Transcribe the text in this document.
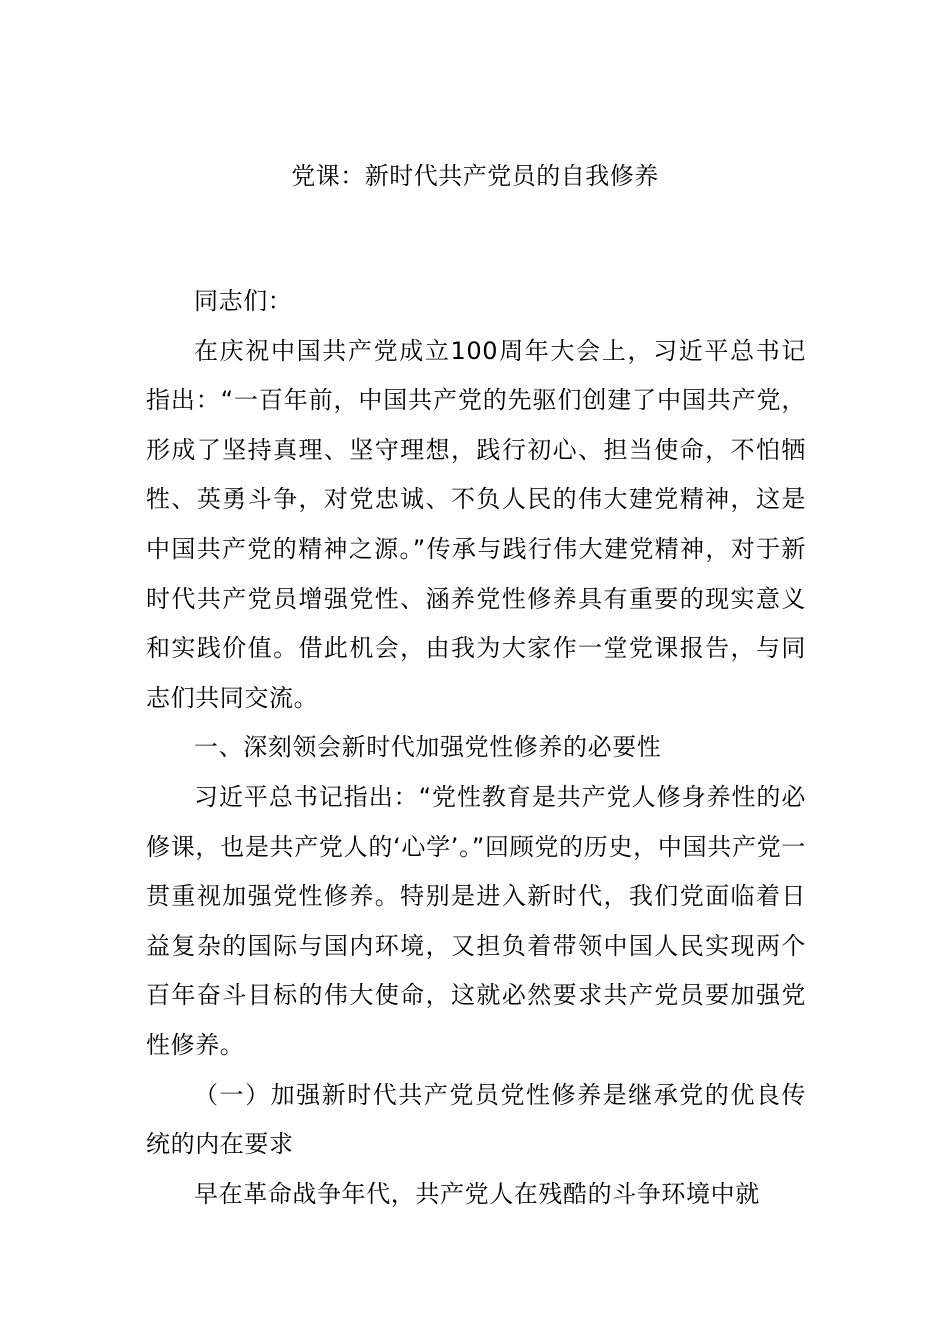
党课：新时代共产党员的自我修养

同志们：

在庆祝中国共产党成立100周年大会上，习近平总书记指出：“一百年前，中国共产党的先驱们创建了中国共产党，形成了坚持真理、坚守理想，践行初心、担当使命，不怕牺牲、英勇斗争，对党忠诚、不负人民的伟大建党精神，这是中国共产党的精神之源。”传承与践行伟大建党精神，对于新时代共产党员增强党性、涵养党性修养具有重要的现实意义和实践价值。借此机会，由我为大家作一堂党课报告，与同志们共同交流。

一、深刻领会新时代加强党性修养的必要性

习近平总书记指出：“党性教育是共产党人修身养性的必修课，也是共产党人的‘心学’。”回顾党的历史，中国共产党一贯重视加强党性修养。特别是进入新时代，我们党面临着日益复杂的国际与国内环境，又担负着带领中国人民实现两个百年奋斗目标的伟大使命，这就必然要求共产党员要加强党性修养。

（一）加强新时代共产党员党性修养是继承党的优良传统的内在要求

早在革命战争年代，共产党人在残酷的斗争环境中就
